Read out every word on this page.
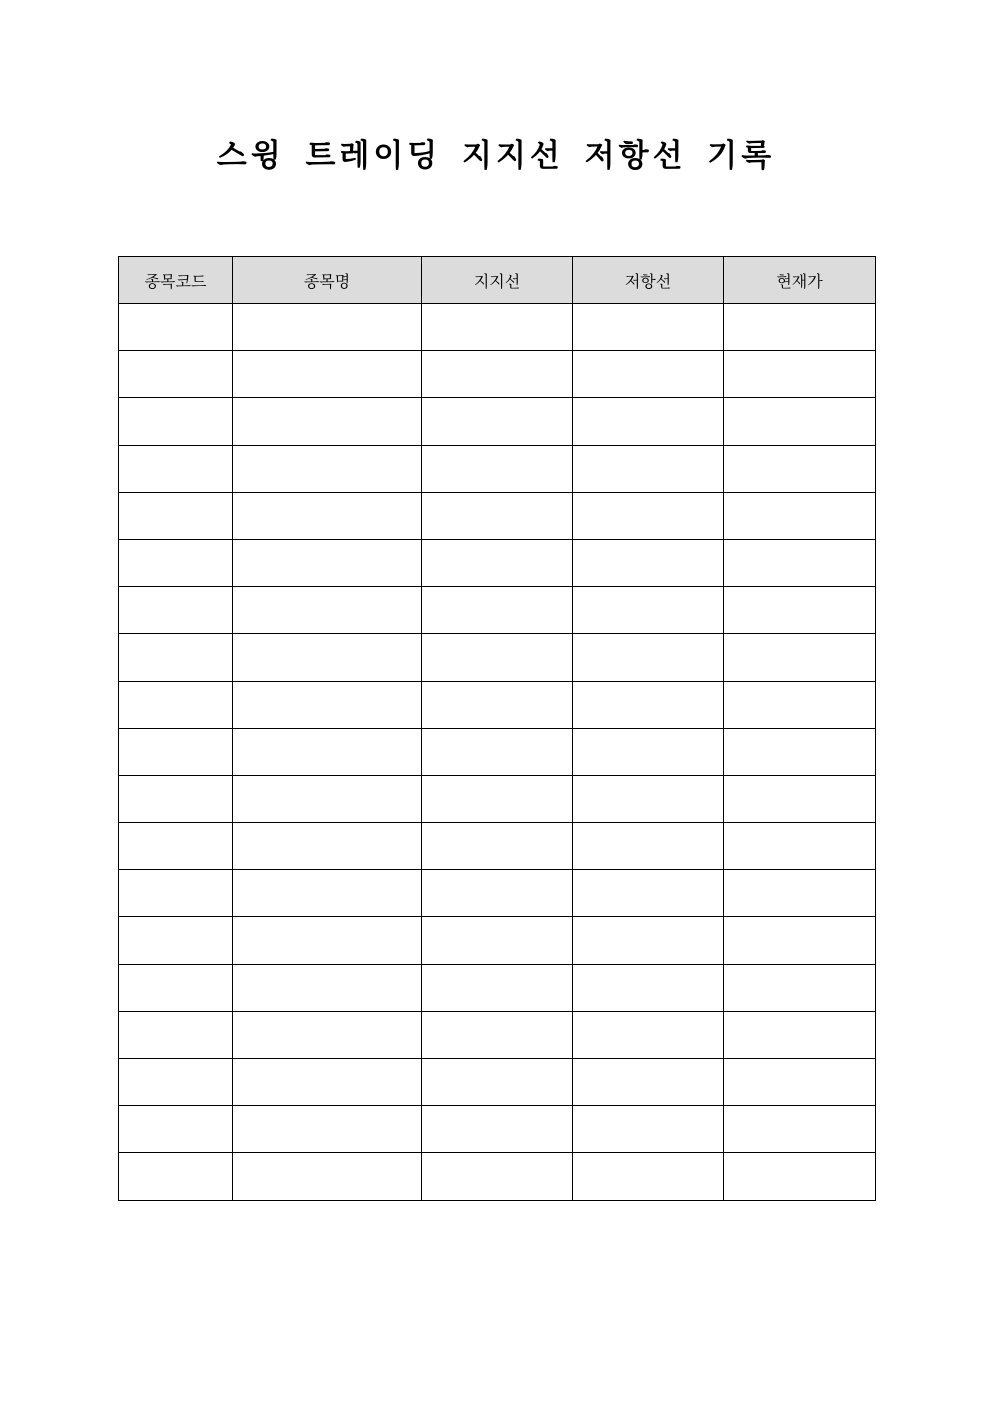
스윙 트레이딩 지지선 저항선 기록
종목코드	종목명	지지선	저항선	현재가
